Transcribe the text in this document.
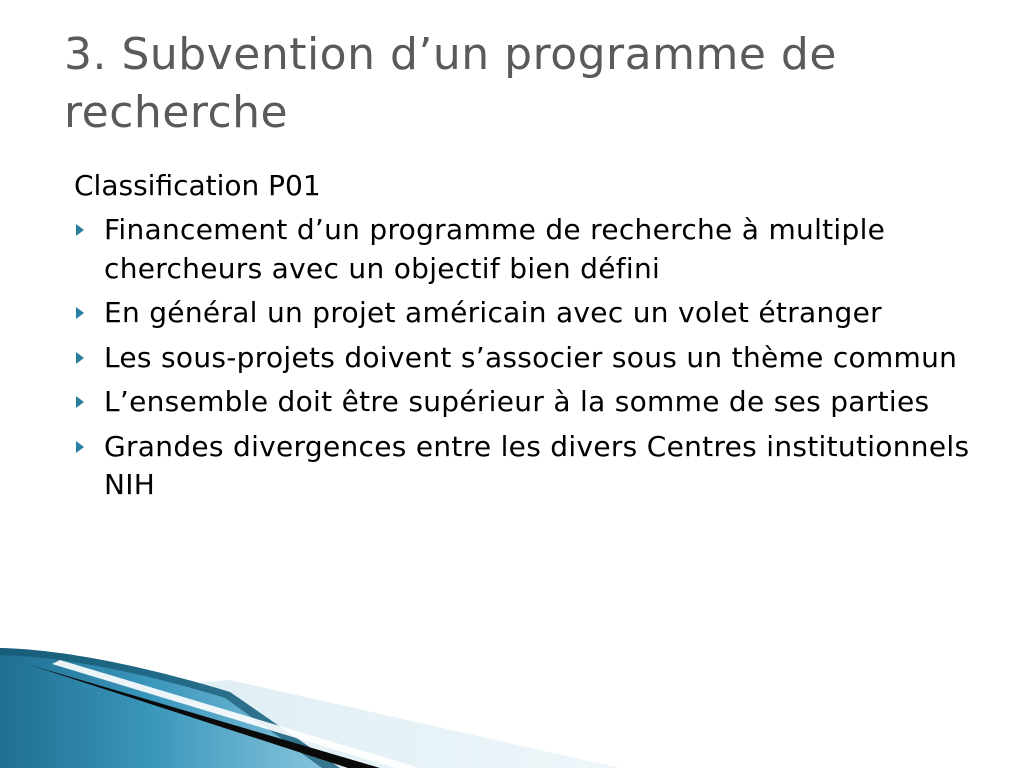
3. Subvention d’un programme de recherche

Classification P01

Financement d’un programme de recherche à multiple chercheurs avec un objectif bien défini
En général un projet américain avec un volet étranger
Les sous-projets doivent s’associer sous un thème commun
L’ensemble doit être supérieur à la somme de ses parties
Grandes divergences entre les divers Centres institutionnels NIH
